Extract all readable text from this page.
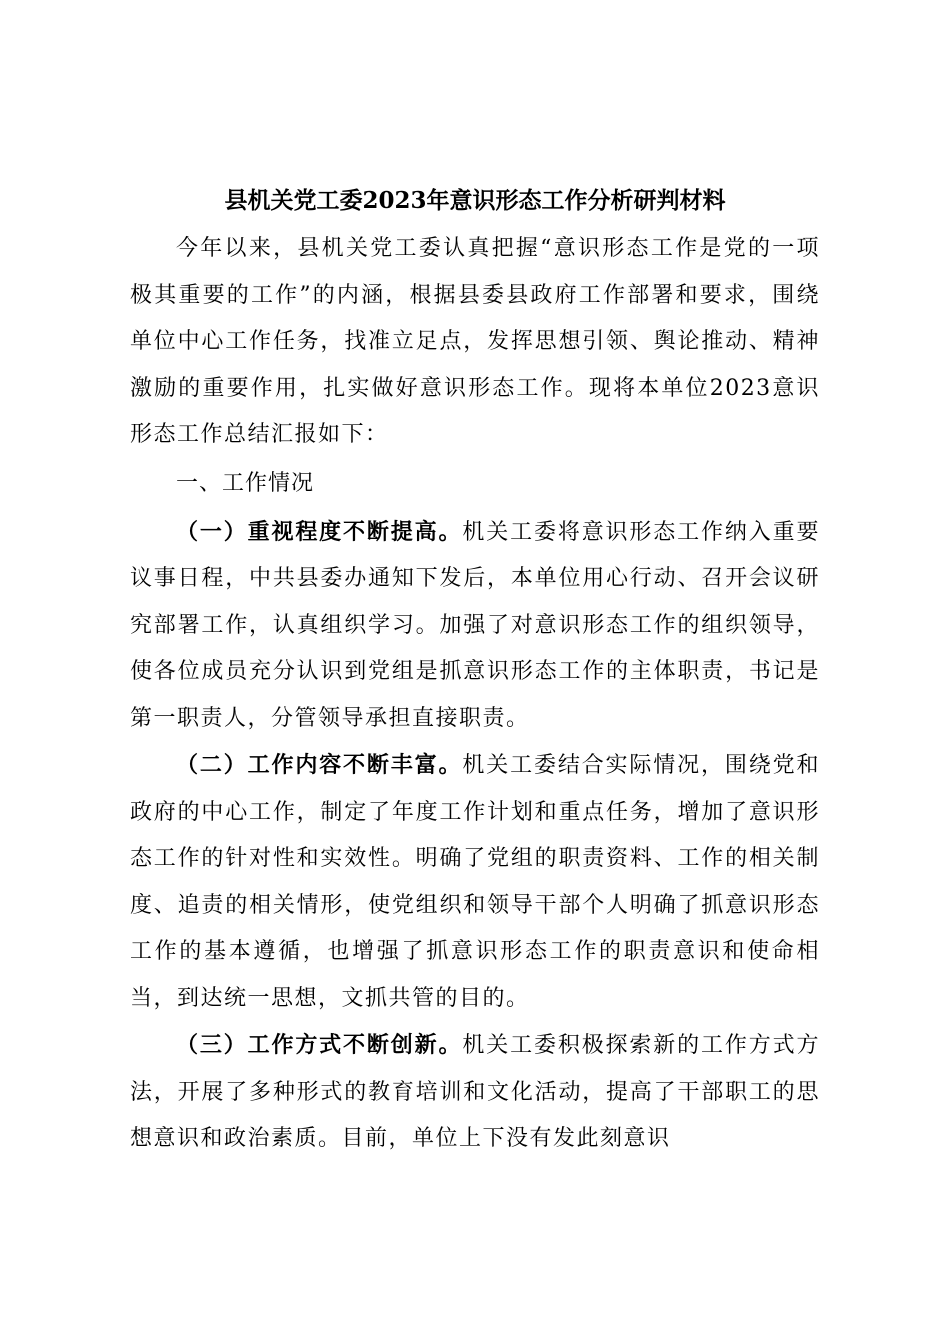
县机关党工委2023年意识形态工作分析研判材料

今年以来，县机关党工委认真把握“意识形态工作是党的一项极其重要的工作”的内涵，根据县委县政府工作部署和要求，围绕单位中心工作任务，找准立足点，发挥思想引领、舆论推动、精神激励的重要作用，扎实做好意识形态工作。现将本单位2023意识形态工作总结汇报如下：

一、工作情况

（一）重视程度不断提高。机关工委将意识形态工作纳入重要议事日程，中共县委办通知下发后，本单位用心行动、召开会议研究部署工作，认真组织学习。加强了对意识形态工作的组织领导，使各位成员充分认识到党组是抓意识形态工作的主体职责，书记是第一职责人，分管领导承担直接职责。

（二）工作内容不断丰富。机关工委结合实际情况，围绕党和政府的中心工作，制定了年度工作计划和重点任务，增加了意识形态工作的针对性和实效性。明确了党组的职责资料、工作的相关制度、追责的相关情形，使党组织和领导干部个人明确了抓意识形态工作的基本遵循，也增强了抓意识形态工作的职责意识和使命相当，到达统一思想，文抓共管的目的。

（三）工作方式不断创新。机关工委积极探索新的工作方式方法，开展了多种形式的教育培训和文化活动，提高了干部职工的思想意识和政治素质。目前，单位上下没有发此刻意识
